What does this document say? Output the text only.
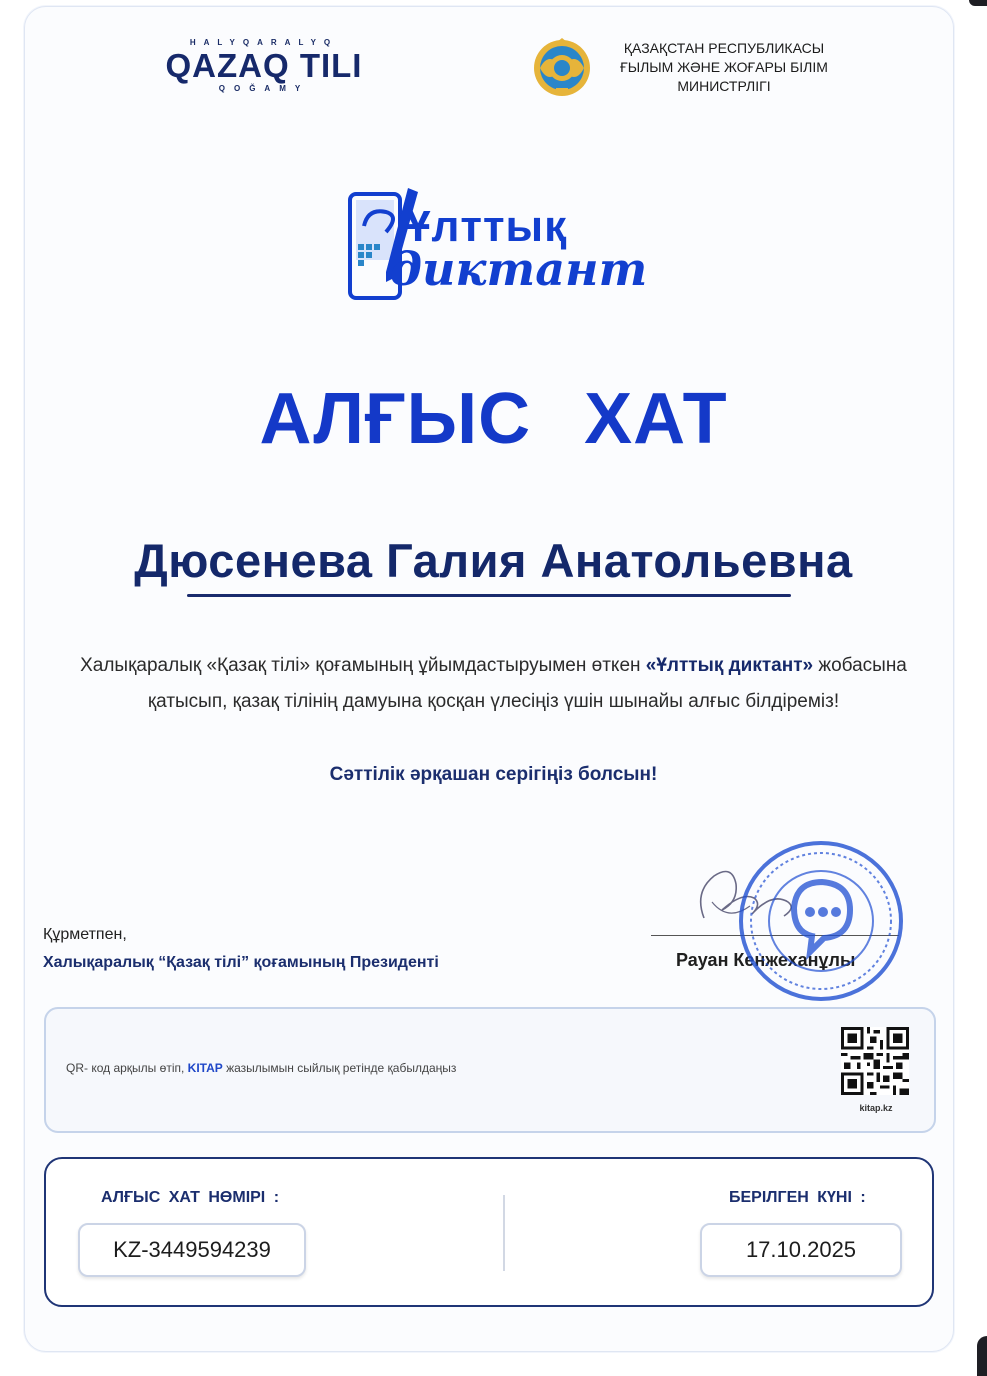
HALYQARALYQ
QAZAQ TILI
QOĞAMY
ҚАЗАҚСТАН РЕСПУБЛИКАСЫ
ҒЫЛЫМ ЖӘНЕ ЖОҒАРЫ БІЛІМ
МИНИСТРЛІГІ
Ұлттық
диктант
АЛҒЫС ХАТ
Дюсенева Галия Анатольевна
Халықаралық «Қазақ тілі» қоғамының ұйымдастыруымен өткен «Ұлттық диктант» жобасына қатысып, қазақ тілінің дамуына қосқан үлесіңіз үшін шынайы алғыс білдіреміз!
Сәттілік әрқашан серігіңіз болсын!
Құрметпен,
Халықаралық “Қазақ тілі” қоғамының Президенті	Рауан Кенжеханұлы
QR- код арқылы өтіп, KITAP жазылымын сыйлық ретінде қабылдаңыз
kitap.kz
АЛҒЫС ХАТ НӨМІРІ :
KZ-3449594239
БЕРІЛГЕН КҮНІ :
17.10.2025
